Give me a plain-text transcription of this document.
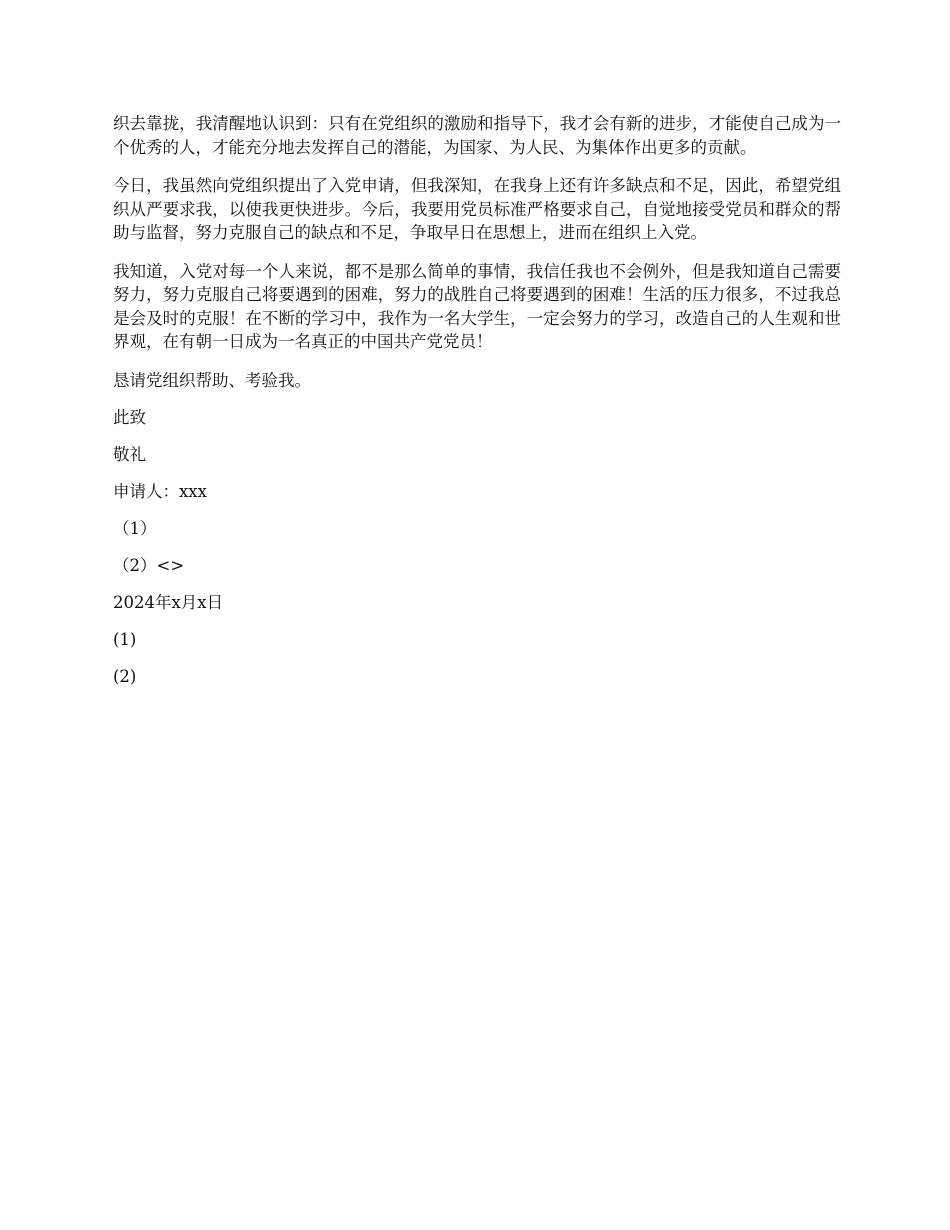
织去靠拢，我清醒地认识到：只有在党组织的激励和指导下，我才会有新的进步，才能使自己成为一个优秀的人，才能充分地去发挥自己的潜能，为国家、为人民、为集体作出更多的贡献。

今日，我虽然向党组织提出了入党申请，但我深知，在我身上还有许多缺点和不足，因此，希望党组织从严要求我，以使我更快进步。今后，我要用党员标准严格要求自己，自觉地接受党员和群众的帮助与监督，努力克服自己的缺点和不足，争取早日在思想上，进而在组织上入党。

我知道，入党对每一个人来说，都不是那么简单的事情，我信任我也不会例外，但是我知道自己需要努力，努力克服自己将要遇到的困难，努力的战胜自己将要遇到的困难！生活的压力很多，不过我总是会及时的克服！在不断的学习中，我作为一名大学生，一定会努力的学习，改造自己的人生观和世界观，在有朝一日成为一名真正的中国共产党党员！

恳请党组织帮助、考验我。
此致
敬礼
申请人：xxx
（1）
（2）<>
2024年x月x日
(1)
(2)
